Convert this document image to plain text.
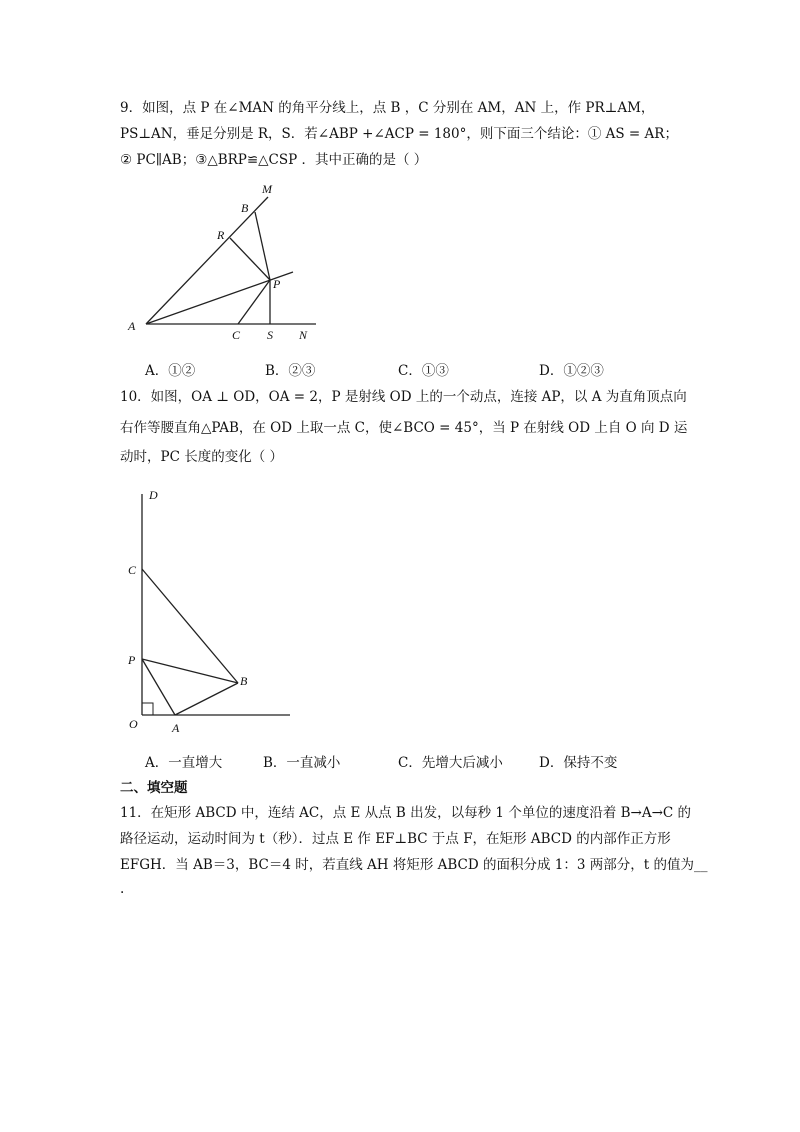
9．如图，点 P 在∠MAN 的角平分线上，点 B ，C 分别在 AM，AN 上，作 PR⊥AM，
PS⊥AN，垂足分别是 R，S．若∠ABP +∠ACP = 180°，则下面三个结论：① AS = AR；
② PC∥AB；③△BRP≌△CSP ．其中正确的是（ ）
M
B
R
P
A
C S N
D
C
P
B
O	A
A．①②	B．②③	C．①③	D．①②③
10．如图，OA ⊥ OD，OA = 2，P 是射线 OD 上的一个动点，连接 AP，以 A 为直角顶点向
右作等腰直角△PAB，在 OD 上取一点 C，使∠BCO = 45°，当 P 在射线 OD 上自 O 向 D 运
动时，PC 长度的变化（ ）
A．一直增大	B．一直减小	C．先增大后减小	D．保持不变
二、填空题
11．在矩形 ABCD 中，连结 AC，点 E 从点 B 出发，以每秒 1 个单位的速度沿着 B→A→C 的
路径运动，运动时间为 t（秒）．过点 E 作 EF⊥BC 于点 F，在矩形 ABCD 的内部作正方形
EFGH．当 AB＝3，BC＝4 时，若直线 AH 将矩形 ABCD 的面积分成 1：3 两部分，t 的值为__
.
